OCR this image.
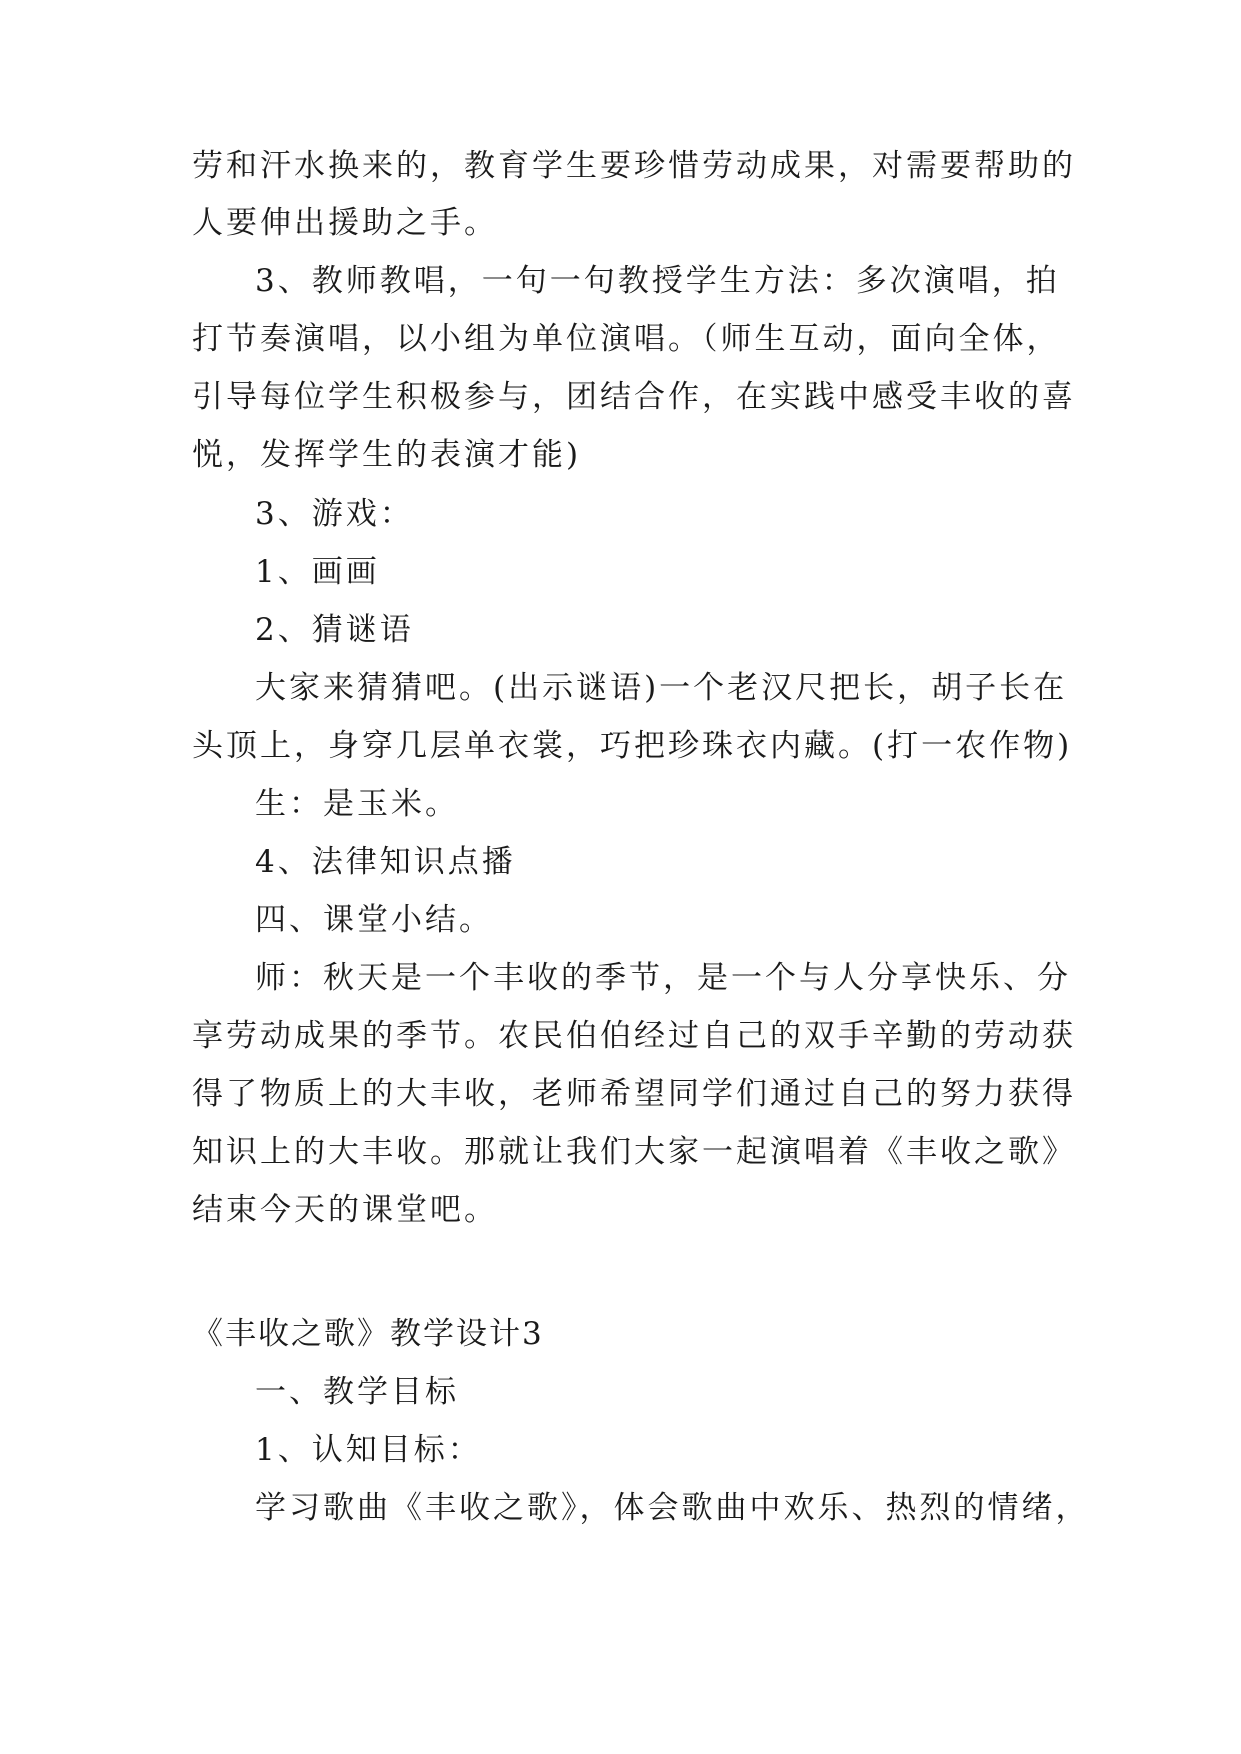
劳和汗水换来的，教育学生要珍惜劳动成果，对需要帮助的
人要伸出援助之手。
3、教师教唱，一句一句教授学生方法：多次演唱，拍
打节奏演唱，以小组为单位演唱。（师生互动，面向全体，
引导每位学生积极参与，团结合作，在实践中感受丰收的喜
悦，发挥学生的表演才能)
3、游戏：
1、画画
2、猜谜语
大家来猜猜吧。(出示谜语)一个老汉尺把长，胡子长在
头顶上，身穿几层单衣裳，巧把珍珠衣内藏。(打一农作物)
生：是玉米。
4、法律知识点播
四、课堂小结。
师：秋天是一个丰收的季节，是一个与人分享快乐、分
享劳动成果的季节。农民伯伯经过自己的双手辛勤的劳动获
得了物质上的大丰收，老师希望同学们通过自己的努力获得
知识上的大丰收。那就让我们大家一起演唱着《丰收之歌》
结束今天的课堂吧。
《丰收之歌》教学设计3
一、教学目标
1、认知目标：
学习歌曲《丰收之歌》，体会歌曲中欢乐、热烈的情绪，
